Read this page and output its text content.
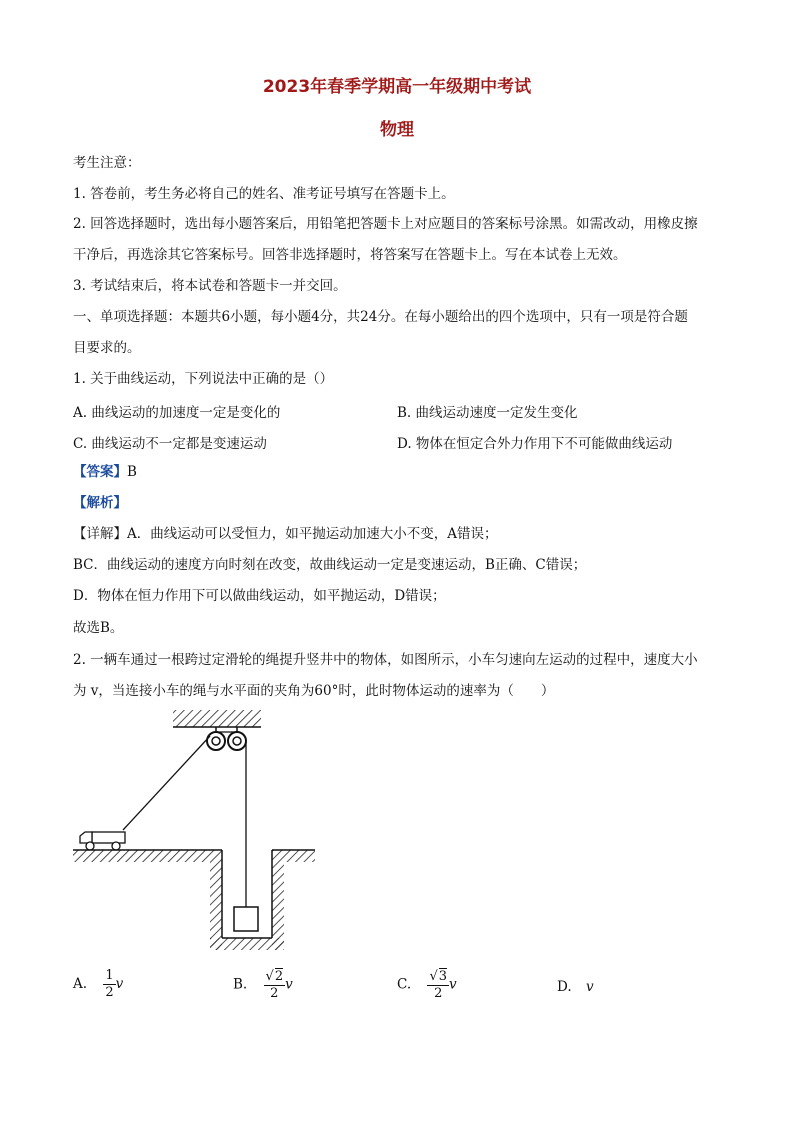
2023年春季学期高一年级期中考试
物理
考生注意：
1. 答卷前，考生务必将自己的姓名、准考证号填写在答题卡上。
2. 回答选择题时，选出每小题答案后，用铅笔把答题卡上对应题目的答案标号涂黑。如需改动，用橡皮擦
干净后，再选涂其它答案标号。回答非选择题时，将答案写在答题卡上。写在本试卷上无效。
3. 考试结束后，将本试卷和答题卡一并交回。
一、单项选择题：本题共6小题，每小题4分，共24分。在每小题给出的四个选项中，只有一项是符合题
目要求的。
1. 关于曲线运动，下列说法中正确的是（）
A. 曲线运动的加速度一定是变化的	B. 曲线运动速度一定发生变化
C. 曲线运动不一定都是变速运动	D. 物体在恒定合外力作用下不可能做曲线运动
【答案】B
【解析】
【详解】A．曲线运动可以受恒力，如平抛运动加速大小不变，A错误；
BC．曲线运动的速度方向时刻在改变，故曲线运动一定是变速运动，B正确、C错误；
D．物体在恒力作用下可以做曲线运动，如平抛运动，D错误；
故选B。
2. 一辆车通过一根跨过定滑轮的绳提升竖井中的物体，如图所示，小车匀速向左运动的过程中，速度大小
为 v，当连接小车的绳与水平面的夹角为60°时，此时物体运动的速率为（　　）
A. $\frac{1}{2}$ v	B. $\frac{√2}{2}$ v	C. $\frac{√3}{2}$ v	D. v
